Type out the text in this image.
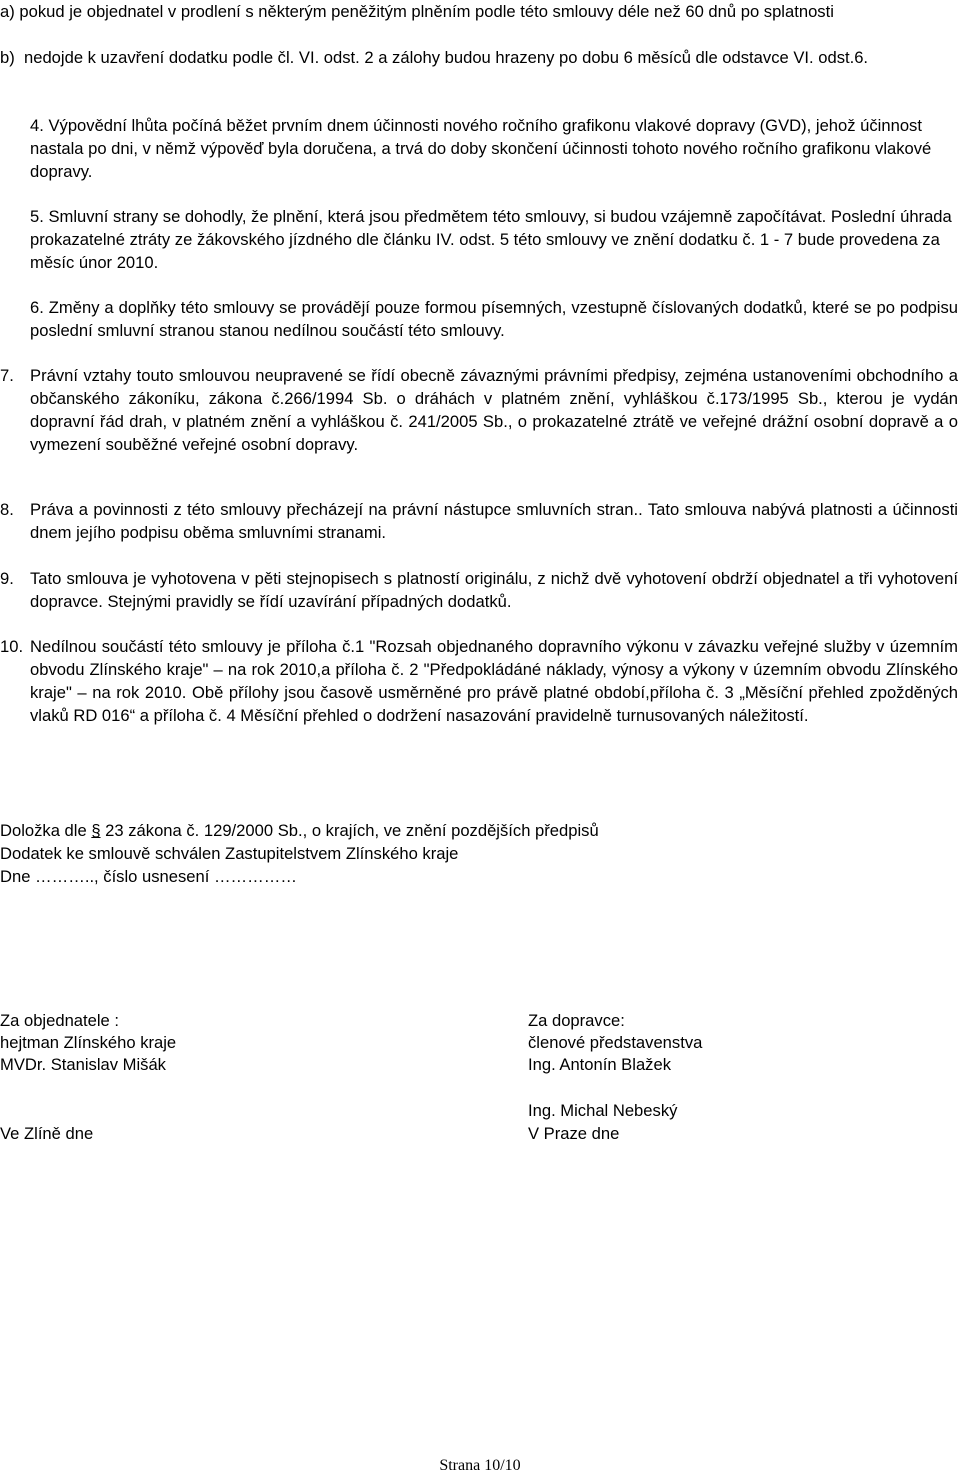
a) pokud je objednatel v prodlení s některým peněžitým plněním podle této smlouvy déle než 60 dnů po splatnosti
b) nedojde k uzavření dodatku podle čl. VI. odst. 2 a zálohy budou hrazeny po dobu 6 měsíců dle odstavce VI. odst.6.

4. Výpovědní lhůta počíná běžet prvním dnem účinnosti nového ročního grafikonu vlakové dopravy (GVD), jehož účinnost nastala po dni, v němž výpověď byla doručena, a trvá do doby skončení účinnosti tohoto nového ročního grafikonu vlakové dopravy.

5. Smluvní strany se dohodly, že plnění, která jsou předmětem této smlouvy, si budou vzájemně započítávat. Poslední úhrada prokazatelné ztráty ze žákovského jízdného dle článku IV. odst. 5 této smlouvy ve znění dodatku č. 1 - 7 bude provedena za měsíc únor 2010.

6. Změny a doplňky této smlouvy se provádějí pouze formou písemných, vzestupně číslovaných dodatků, které se po podpisu poslední smluvní stranou stanou nedílnou součástí této smlouvy.

7. Právní vztahy touto smlouvou neupravené se řídí obecně závaznými právními předpisy, zejména ustanoveními obchodního a občanského zákoníku, zákona č.266/1994 Sb. o dráhách v platném znění, vyhláškou č.173/1995 Sb., kterou je vydán dopravní řád drah, v platném znění a vyhláškou č. 241/2005 Sb., o prokazatelné ztrátě ve veřejné drážní osobní dopravě a o vymezení souběžné veřejné osobní dopravy.
8. Práva a povinnosti z této smlouvy přecházejí na právní nástupce smluvních stran.. Tato smlouva nabývá platnosti a účinnosti dnem jejího podpisu oběma smluvními stranami.
9. Tato smlouva je vyhotovena v pěti stejnopisech s platností originálu, z nichž dvě vyhotovení obdrží objednatel a tři vyhotovení dopravce. Stejnými pravidly se řídí uzavírání případných dodatků.
10.
Nedílnou součástí této smlouvy je příloha č.1 "Rozsah objednaného dopravního výkonu v závazku veřejné služby v územním obvodu Zlínského kraje" – na rok 2010,a příloha č. 2 "Předpokládáné náklady, výnosy a výkony v územním obvodu Zlínského kraje" – na rok 2010. Obě přílohy jsou časově usměrněné pro právě platné období,příloha č. 3 „Měsíční přehled zpožděných vlaků RD 016“ a příloha č. 4 Měsíční přehled o dodržení nasazování pravidelně turnusovaných náležitostí.
Doložka dle § 23 zákona č. 129/2000 Sb., o krajích, ve znění pozdějších předpisů
Dodatek ke smlouvě schválen Zastupitelstvem Zlínského kraje
Dne ……….., číslo usnesení ……………
Za objednatele :
hejtman Zlínského kraje
MVDr. Stanislav Mišák
Ve Zlíně dne
Za dopravce:
členové představenstva
Ing. Antonín Blažek
Ing. Michal Nebeský
V Praze dne
Strana 10/10
